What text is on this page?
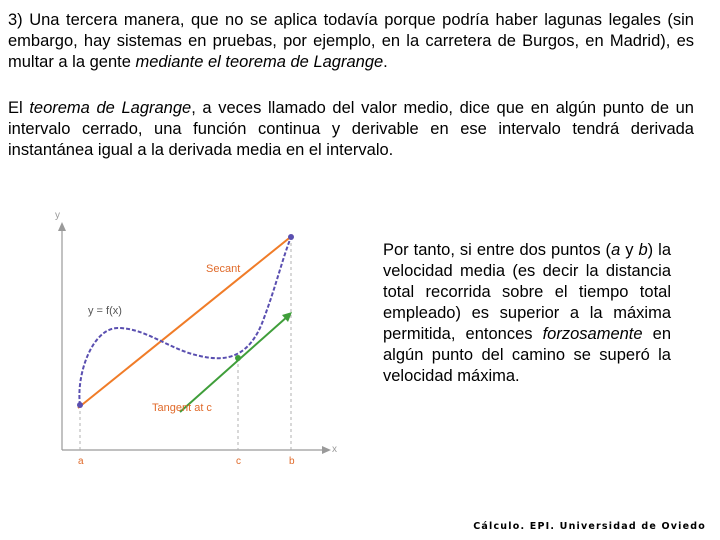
3) Una tercera manera, que no se aplica todavía porque podría haber lagunas legales (sin embargo, hay sistemas en pruebas, por ejemplo, en la carretera de Burgos, en Madrid), es multar a la gente mediante el teorema de Lagrange.

El teorema de Lagrange, a veces llamado del valor medio, dice que en algún punto de un intervalo cerrado, una función continua y derivable en ese intervalo tendrá derivada instantánea igual a la derivada media en el intervalo.

y
x
Secant
y = f(x)
Tangent at c
a	c	b

Por tanto, si entre dos puntos (a y b) la velocidad media (es decir la distancia total recorrida sobre el tiempo total empleado) es superior a la máxima permitida, entonces forzosamente en algún punto del camino se superó la velocidad máxima.

Cálculo. EPI. Universidad de Oviedo
